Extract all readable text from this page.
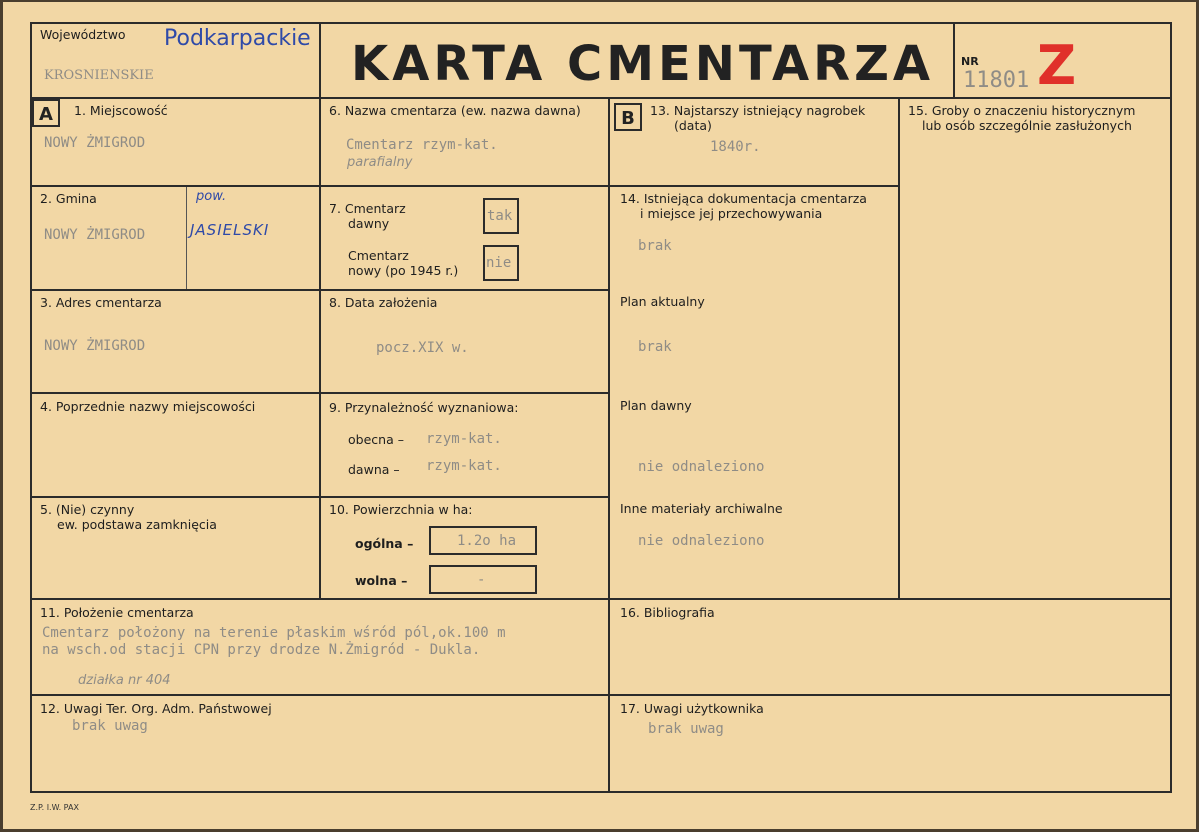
Województwo Podkarpackie
KROSNIENSKIE	KARTA CMENTARZA NR
11801 Z
A	1. Miejscowość
NOWY ŻMIGROD
2. Gmina
NOWY ŻMIGROD
pow.
JASIELSKI
3. Adres cmentarza
NOWY ŻMIGROD
4. Poprzednie nazwy miejscowości
5. (Nie) czynny
ew. podstawa zamknięcia
6. Nazwa cmentarza (ew. nazwa dawna)
Cmentarz rzym-kat.
parafialny
7. Cmentarz
dawny	tak
Cmentarz
nowy (po 1945 r.) nie
8. Data założenia
pocz.XIX w.
9. Przynależność wyznaniowa:
obecna – rzym-kat.
dawna – rzym-kat.
10. Powierzchnia w ha:
ogólna –	1.2o ha
wolna –	-
B	13. Najstarszy istniejący nagrobek
(data)
1840r.
14. Istniejąca dokumentacja cmentarza
i miejsce jej przechowywania
brak
Plan aktualny
brak
Plan dawny
nie odnaleziono
Inne materiały archiwalne
nie odnaleziono
15. Groby o znaczeniu historycznym
lub osób szczególnie zasłużonych
11. Położenie cmentarza
Cmentarz położony na terenie płaskim wśród pól,ok.100 m
na wsch.od stacji CPN przy drodze N.Żmigród - Dukla.
działka nr 404
16. Bibliografia
12. Uwagi Ter. Org. Adm. Państwowej
brak uwag
17. Uwagi użytkownika
brak uwag
Z.P. I.W. PAX
